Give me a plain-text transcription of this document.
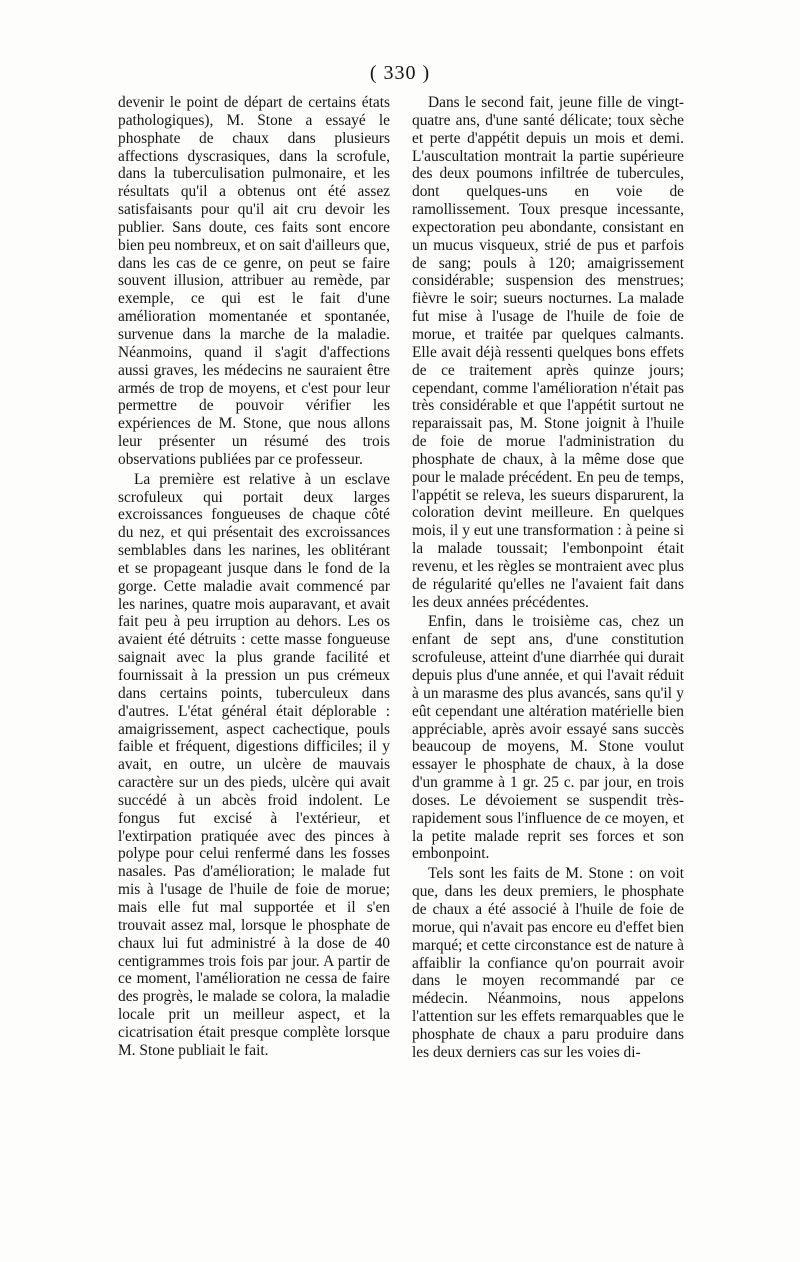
( 330 )

devenir le point de départ de certains états pathologiques), M. Stone a essayé le phosphate de chaux dans plusieurs affections dyscrasiques, dans la scrofule, dans la tuberculisation pulmonaire, et les résultats qu'il a obtenus ont été assez satisfaisants pour qu'il ait cru devoir les publier. Sans doute, ces faits sont encore bien peu nombreux, et on sait d'ailleurs que, dans les cas de ce genre, on peut se faire souvent illusion, attribuer au remède, par exemple, ce qui est le fait d'une amélioration momentanée et spontanée, survenue dans la marche de la maladie. Néanmoins, quand il s'agit d'affections aussi graves, les médecins ne sauraient être armés de trop de moyens, et c'est pour leur permettre de pouvoir vérifier les expériences de M. Stone, que nous allons leur présenter un résumé des trois observations publiées par ce professeur.

La première est relative à un esclave scrofuleux qui portait deux larges excroissances fongueuses de chaque côté du nez, et qui présentait des excroissances semblables dans les narines, les oblitérant et se propageant jusque dans le fond de la gorge. Cette maladie avait commencé par les narines, quatre mois auparavant, et avait fait peu à peu irruption au dehors. Les os avaient été détruits : cette masse fongueuse saignait avec la plus grande facilité et fournissait à la pression un pus crémeux dans certains points, tuberculeux dans d'autres. L'état général était déplorable : amaigrissement, aspect cachectique, pouls faible et fréquent, digestions difficiles; il y avait, en outre, un ulcère de mauvais caractère sur un des pieds, ulcère qui avait succédé à un abcès froid indolent. Le fongus fut excisé à l'extérieur, et l'extirpation pratiquée avec des pinces à polype pour celui renfermé dans les fosses nasales. Pas d'amélioration; le malade fut mis à l'usage de l'huile de foie de morue; mais elle fut mal supportée et il s'en trouvait assez mal, lorsque le phosphate de chaux lui fut administré à la dose de 40 centigrammes trois fois par jour. A partir de ce moment, l'amélioration ne cessa de faire des progrès, le malade se colora, la maladie locale prit un meilleur aspect, et la cicatrisation était presque complète lorsque M. Stone publiait le fait.

Dans le second fait, jeune fille de vingt-quatre ans, d'une santé délicate; toux sèche et perte d'appétit depuis un mois et demi. L'auscultation montrait la partie supérieure des deux poumons infiltrée de tubercules, dont quelques-uns en voie de ramollissement. Toux presque incessante, expectoration peu abondante, consistant en un mucus visqueux, strié de pus et parfois de sang; pouls à 120; amaigrissement considérable; suspension des menstrues; fièvre le soir; sueurs nocturnes. La malade fut mise à l'usage de l'huile de foie de morue, et traitée par quelques calmants. Elle avait déjà ressenti quelques bons effets de ce traitement après quinze jours; cependant, comme l'amélioration n'était pas très considérable et que l'appétit surtout ne reparaissait pas, M. Stone joignit à l'huile de foie de morue l'administration du phosphate de chaux, à la même dose que pour le malade précédent. En peu de temps, l'appétit se releva, les sueurs disparurent, la coloration devint meilleure. En quelques mois, il y eut une transformation : à peine si la malade toussait; l'embonpoint était revenu, et les règles se montraient avec plus de régularité qu'elles ne l'avaient fait dans les deux années précédentes.

Enfin, dans le troisième cas, chez un enfant de sept ans, d'une constitution scrofuleuse, atteint d'une diarrhée qui durait depuis plus d'une année, et qui l'avait réduit à un marasme des plus avancés, sans qu'il y eût cependant une altération matérielle bien appréciable, après avoir essayé sans succès beaucoup de moyens, M. Stone voulut essayer le phosphate de chaux, à la dose d'un gramme à 1 gr. 25 c. par jour, en trois doses. Le dévoiement se suspendit très-rapidement sous l'influence de ce moyen, et la petite malade reprit ses forces et son embonpoint.

Tels sont les faits de M. Stone : on voit que, dans les deux premiers, le phosphate de chaux a été associé à l'huile de foie de morue, qui n'avait pas encore eu d'effet bien marqué; et cette circonstance est de nature à affaiblir la confiance qu'on pourrait avoir dans le moyen recommandé par ce médecin. Néanmoins, nous appelons l'attention sur les effets remarquables que le phosphate de chaux a paru produire dans les deux derniers cas sur les voies di-
